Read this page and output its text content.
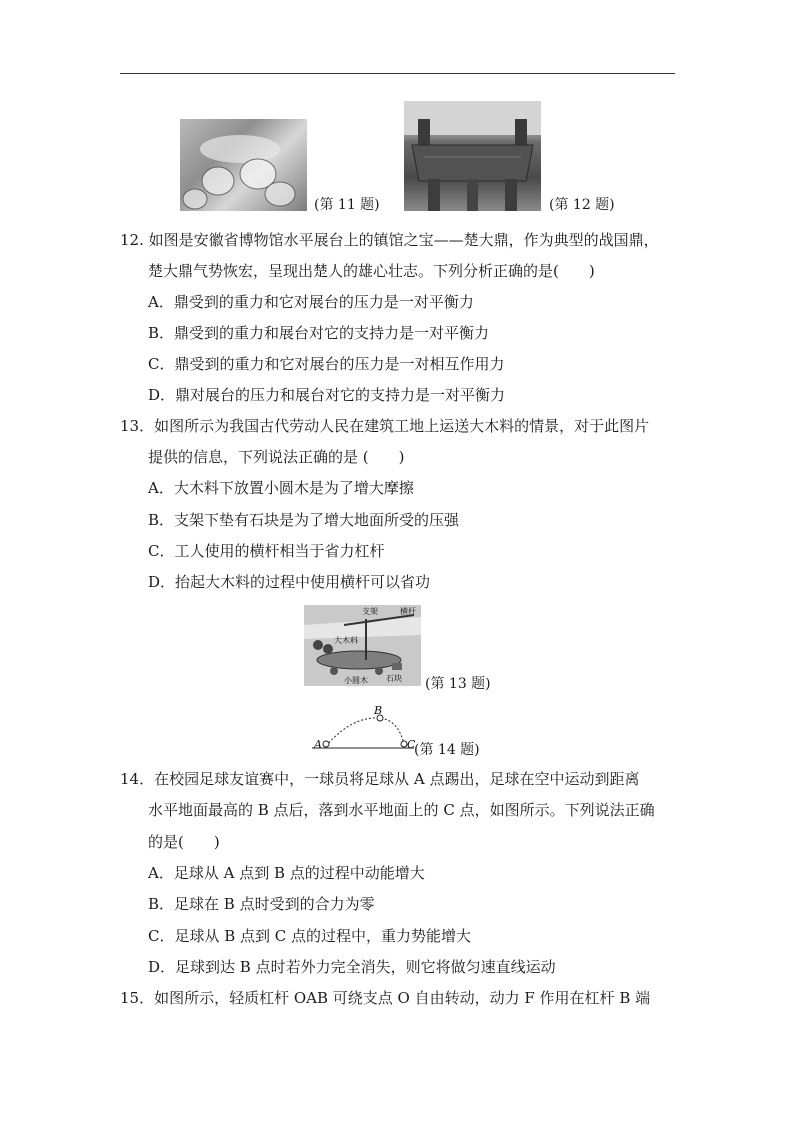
(第 11 题)	(第 12 题)
12. 如图是安徽省博物馆水平展台上的镇馆之宝——楚大鼎，作为典型的战国鼎，
楚大鼎气势恢宏，呈现出楚人的雄心壮志。下列分析正确的是(　　)
A．鼎受到的重力和它对展台的压力是一对平衡力
B．鼎受到的重力和展台对它的支持力是一对平衡力
C．鼎受到的重力和它对展台的压力是一对相互作用力
D．鼎对展台的压力和展台对它的支持力是一对平衡力
13．如图所示为我国古代劳动人民在建筑工地上运送大木料的情景，对于此图片
提供的信息，下列说法正确的是 (　　)
A．大木料下放置小圆木是为了增大摩擦
B．支架下垫有石块是为了增大地面所受的压强
C．工人使用的横杆相当于省力杠杆
D．抬起大木料的过程中使用横杆可以省功
支架	横杆
大木料
小圆木 石块 (第 13 题)
A
B
C
(第 14 题)
14．在校园足球友谊赛中，一球员将足球从 A 点踢出，足球在空中运动到距离
水平地面最高的 B 点后，落到水平地面上的 C 点，如图所示。下列说法正确
的是(　　)
A．足球从 A 点到 B 点的过程中动能增大
B．足球在 B 点时受到的合力为零
C．足球从 B 点到 C 点的过程中，重力势能增大
D．足球到达 B 点时若外力完全消失，则它将做匀速直线运动
15．如图所示，轻质杠杆 OAB 可绕支点 O 自由转动，动力 F 作用在杠杆 B 端
